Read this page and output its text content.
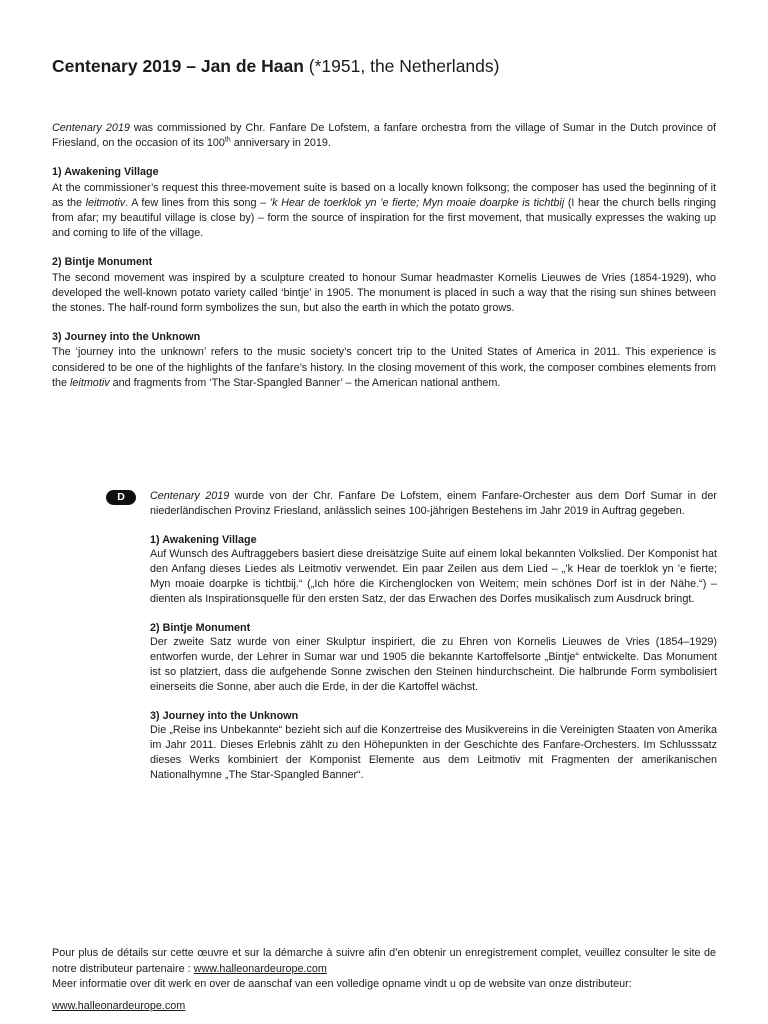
Centenary 2019 – Jan de Haan (*1951, the Netherlands)

Centenary 2019 was commissioned by Chr. Fanfare De Lofstem, a fanfare orchestra from the village of Sumar in the Dutch province of Friesland, on the occasion of its 100th anniversary in 2019.

1) Awakening Village

At the commissioner’s request this three-movement suite is based on a locally known folksong; the composer has used the beginning of it as the leitmotiv. A few lines from this song – ’k Hear de toerklok yn ’e fierte; Myn moaie doarpke is tichtbij (I hear the church bells ringing from afar; my beautiful village is close by) – form the source of inspiration for the first movement, that musically expresses the waking up and coming to life of the village.

2) Bintje Monument

The second movement was inspired by a sculpture created to honour Sumar headmaster Kornelis Lieuwes de Vries (1854-1929), who developed the well-known potato variety called ‘bintje’ in 1905. The monument is placed in such a way that the rising sun shines between the stones. The half-round form symbolizes the sun, but also the earth in which the potato grows.

3) Journey into the Unknown

The ‘journey into the unknown’ refers to the music society’s concert trip to the United States of America in 2011. This experience is considered to be one of the highlights of the fanfare’s history. In the closing movement of this work, the composer combines elements from the leitmotiv and fragments from ‘The Star-Spangled Banner’ – the American national anthem.

D	Centenary 2019 wurde von der Chr. Fanfare De Lofstem, einem Fanfare-Orchester aus dem Dorf Sumar in der niederländischen Provinz Friesland, anlässlich seines 100-jährigen Bestehens im Jahr 2019 in Auftrag gegeben.

1) Awakening Village

Auf Wunsch des Auftraggebers basiert diese dreisätzige Suite auf einem lokal bekannten Volkslied. Der Komponist hat den Anfang dieses Liedes als Leitmotiv verwendet. Ein paar Zeilen aus dem Lied – „’k Hear de toerklok yn ’e fierte; Myn moaie doarpke is tichtbij.“ („Ich höre die Kirchenglocken von Weitem; mein schönes Dorf ist in der Nähe.“) – dienten als Inspirationsquelle für den ersten Satz, der das Erwachen des Dorfes musikalisch zum Ausdruck bringt.

2) Bintje Monument

Der zweite Satz wurde von einer Skulptur inspiriert, die zu Ehren von Kornelis Lieuwes de Vries (1854–1929) entworfen wurde, der Lehrer in Sumar war und 1905 die bekannte Kartoffelsorte „Bintje“ entwickelte. Das Monument ist so platziert, dass die aufgehende Sonne zwischen den Steinen hindurchscheint. Die halbrunde Form symbolisiert einerseits die Sonne, aber auch die Erde, in der die Kartoffel wächst.

3) Journey into the Unknown

Die „Reise ins Unbekannte“ bezieht sich auf die Konzertreise des Musikvereins in die Vereinigten Staaten von Amerika im Jahr 2011. Dieses Erlebnis zählt zu den Höhepunkten in der Geschichte des Fanfare-Orchesters. Im Schlusssatz dieses Werks kombiniert der Komponist Elemente aus dem Leitmotiv mit Fragmenten der amerikanischen Nationalhymne „The Star-Spangled Banner“.

Pour plus de détails sur cette œuvre et sur la démarche à suivre afin d’en obtenir un enregistrement complet, veuillez consulter le site de notre distributeur partenaire : www.halleonardeurope.com

Meer informatie over dit werk en over de aanschaf van een volledige opname vindt u op de website van onze distributeur:

www.halleonardeurope.com
